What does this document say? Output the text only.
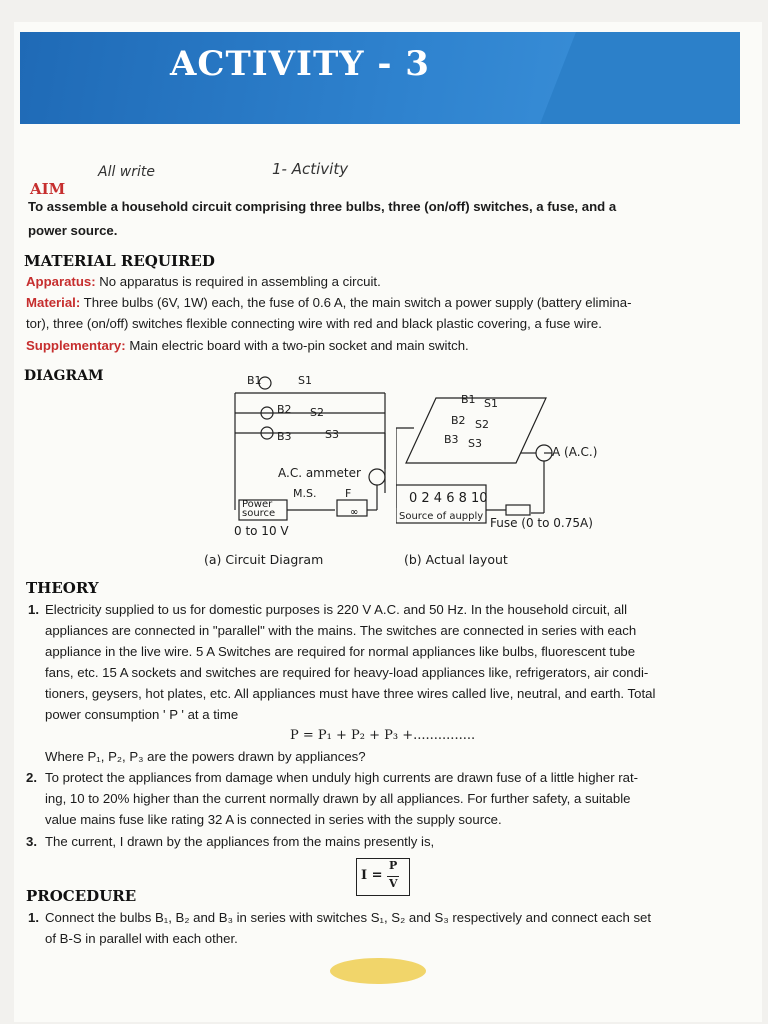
ACTIVITY - 3
All write	1- Activity
AIM
To assemble a household circuit comprising three bulbs, three (on/off) switches, a fuse, and a
power source.
MATERIAL REQUIRED
Apparatus: No apparatus is required in assembling a circuit.
Material: Three bulbs (6V, 1W) each, the fuse of 0.6 A, the main switch a power supply (battery elimina-
tor), three (on/off) switches flexible connecting wire with red and black plastic covering, a fuse wire.
Supplementary: Main electric board with a two-pin socket and main switch.
DIAGRAM
∞
B1	S1
B2 S2
B3	S3
A.C. ammeter
M.S.	F
Power
source
0 to 10 V
(a) Circuit Diagram
B1 S1
B2 S2
B3 S3
A (A.C.)
0 2 4 6 8 10
Source of aupply Fuse (0 to 0.75A)
(b) Actual layout
THEORY
1. Electricity supplied to us for domestic purposes is 220 V A.C. and 50 Hz. In the household circuit, all
appliances are connected in "parallel" with the mains. The switches are connected in series with each
appliance in the live wire. 5 A Switches are required for normal appliances like bulbs, fluorescent tube
fans, etc. 15 A sockets and switches are required for heavy-load appliances like, refrigerators, air condi-
tioners, geysers, hot plates, etc. All appliances must have three wires called live, neutral, and earth. Total
power consumption ' P ' at a time
P = P₁ + P₂ + P₃ +...............
Where P₁, P₂, P₃ are the powers drawn by appliances?
2. To protect the appliances from damage when unduly high currents are drawn fuse of a little higher rat-
ing, 10 to 20% higher than the current normally drawn by all appliances. For further safety, a suitable
value mains fuse like rating 32 A is connected in series with the supply source.
3. The current, I drawn by the appliances from the mains presently is,
I =
P
V
PROCEDURE
1. Connect the bulbs B₁, B₂ and B₃ in series with switches S₁, S₂ and S₃ respectively and connect each set
of B-S in parallel with each other.
